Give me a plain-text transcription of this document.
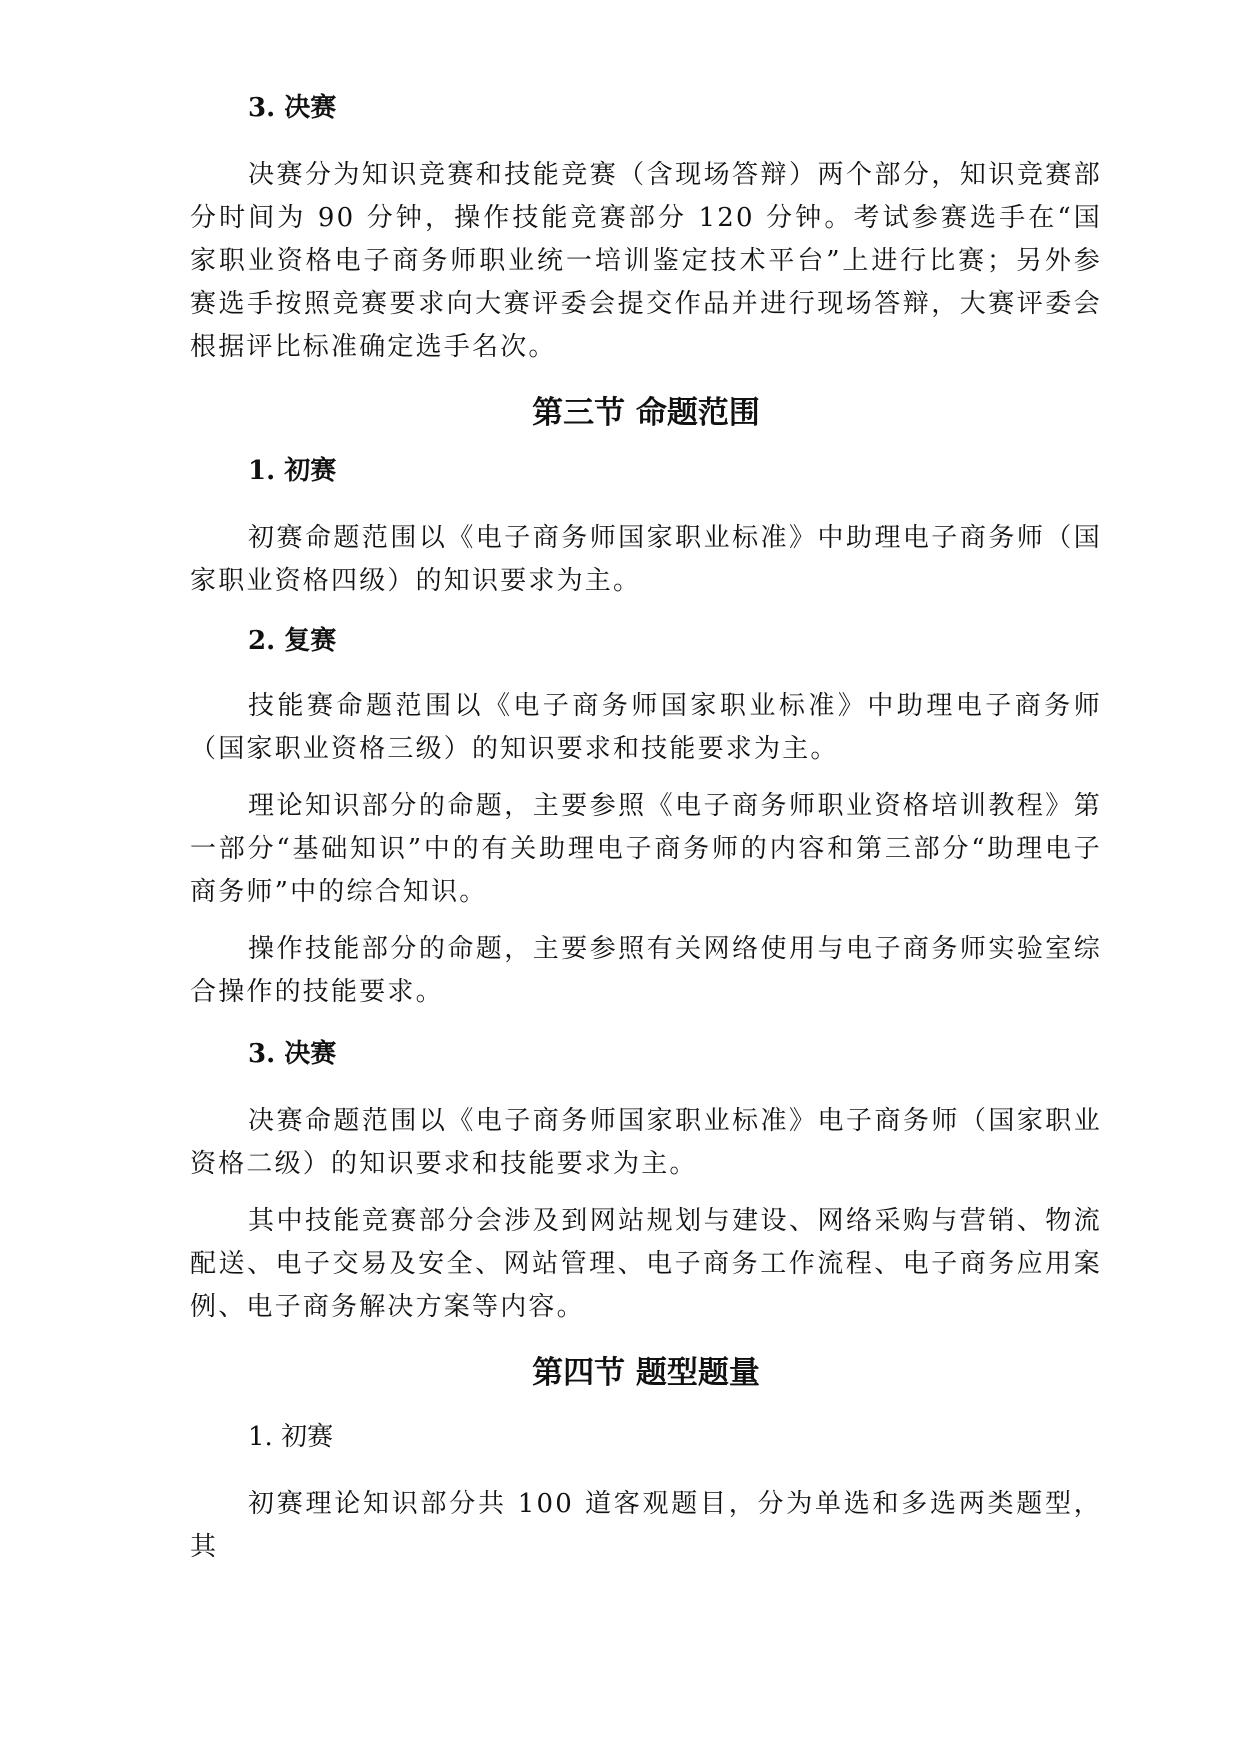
3. 决赛

决赛分为知识竞赛和技能竞赛（含现场答辩）两个部分，知识竞赛部分时间为 90 分钟，操作技能竞赛部分 120 分钟。考试参赛选手在“国家职业资格电子商务师职业统一培训鉴定技术平台”上进行比赛；另外参赛选手按照竞赛要求向大赛评委会提交作品并进行现场答辩，大赛评委会根据评比标准确定选手名次。

第三节 命题范围

1. 初赛

初赛命题范围以《电子商务师国家职业标准》中助理电子商务师（国家职业资格四级）的知识要求为主。

2. 复赛

技能赛命题范围以《电子商务师国家职业标准》中助理电子商务师（国家职业资格三级）的知识要求和技能要求为主。

理论知识部分的命题，主要参照《电子商务师职业资格培训教程》第一部分“基础知识”中的有关助理电子商务师的内容和第三部分“助理电子商务师”中的综合知识。

操作技能部分的命题，主要参照有关网络使用与电子商务师实验室综合操作的技能要求。

3. 决赛

决赛命题范围以《电子商务师国家职业标准》电子商务师（国家职业资格二级）的知识要求和技能要求为主。

其中技能竞赛部分会涉及到网站规划与建设、网络采购与营销、物流配送、电子交易及安全、网站管理、电子商务工作流程、电子商务应用案例、电子商务解决方案等内容。

第四节 题型题量

1. 初赛

初赛理论知识部分共 100 道客观题目，分为单选和多选两类题型，其
